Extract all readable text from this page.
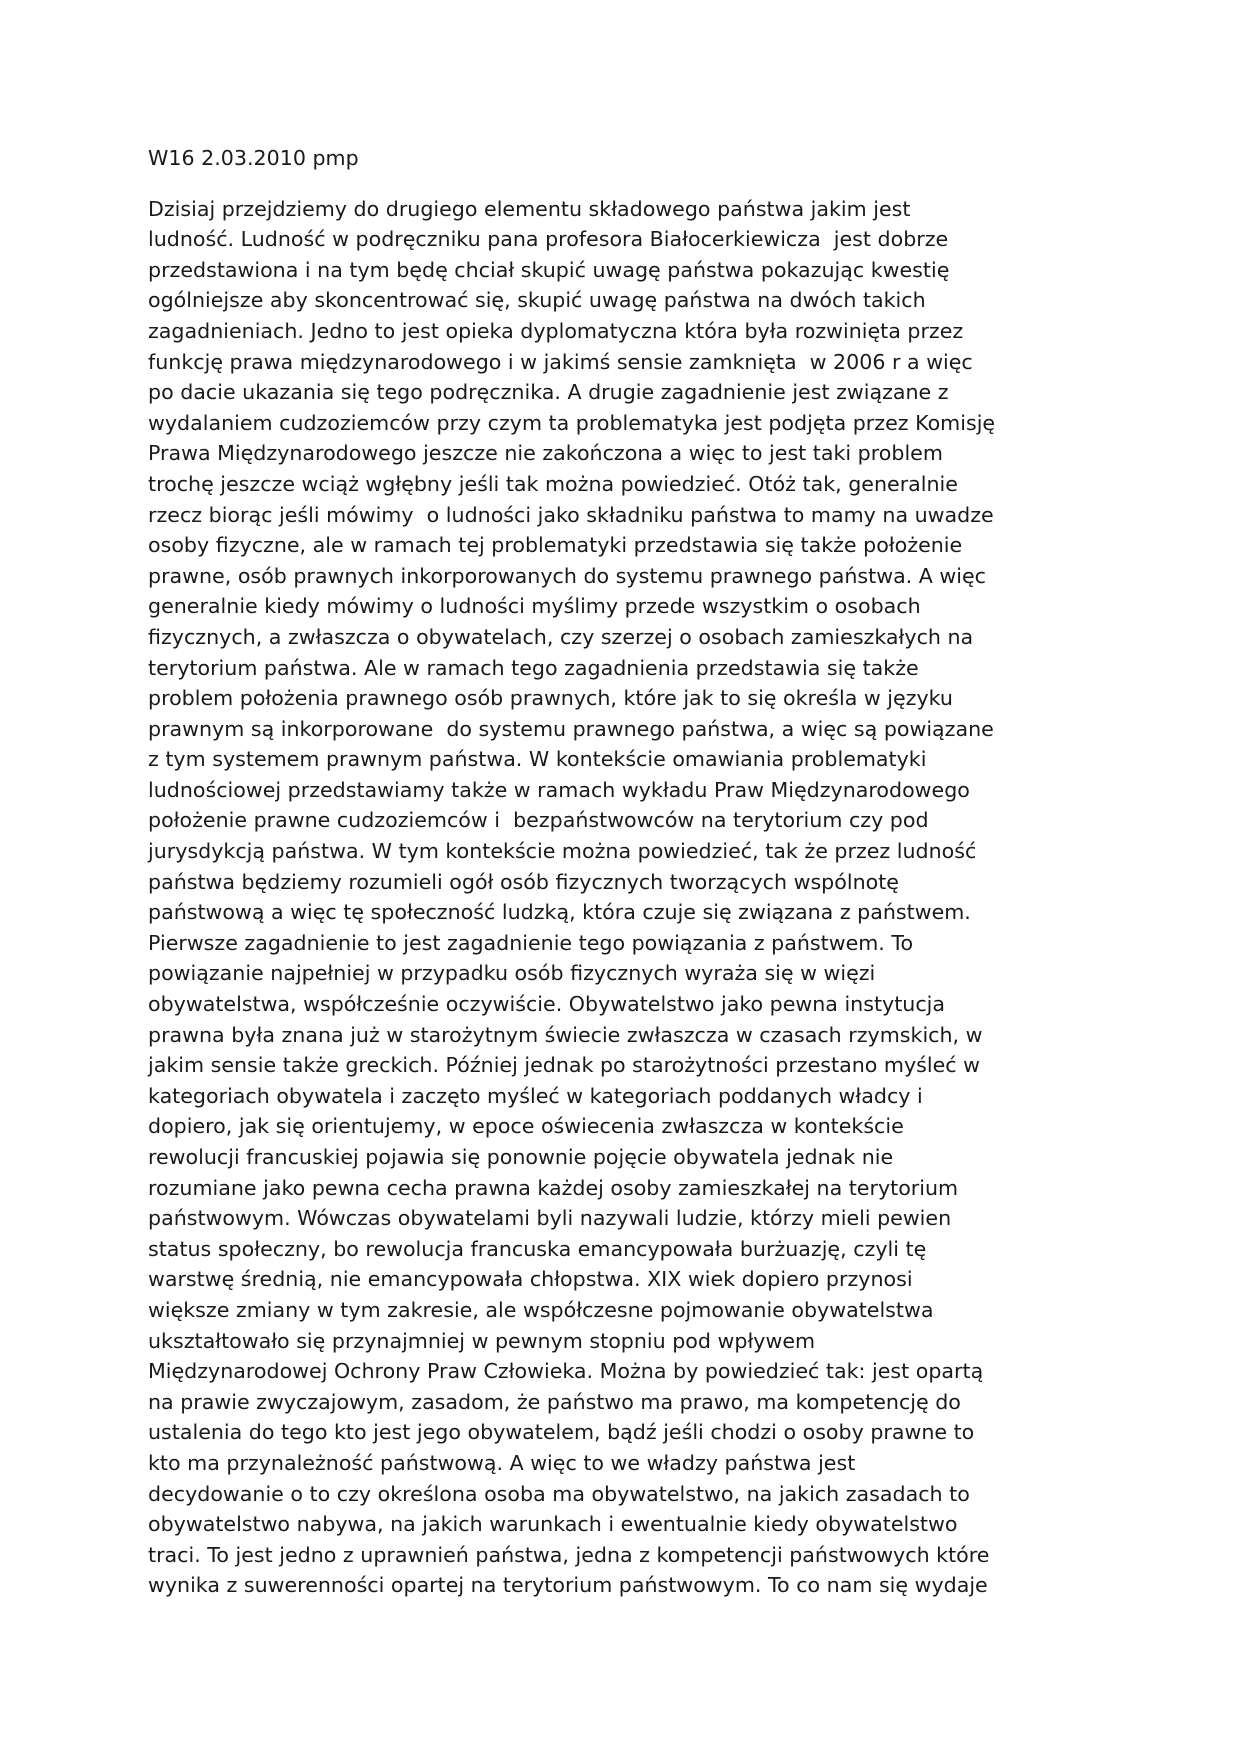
W16 2.03.2010 pmp
Dzisiaj przejdziemy do drugiego elementu składowego państwa jakim jest
ludność. Ludność w podręczniku pana profesora Białocerkiewicza  jest dobrze
przedstawiona i na tym będę chciał skupić uwagę państwa pokazując kwestię
ogólniejsze aby skoncentrować się, skupić uwagę państwa na dwóch takich
zagadnieniach. Jedno to jest opieka dyplomatyczna która była rozwinięta przez
funkcję prawa międzynarodowego i w jakimś sensie zamknięta  w 2006 r a więc
po dacie ukazania się tego podręcznika. A drugie zagadnienie jest związane z
wydalaniem cudzoziemców przy czym ta problematyka jest podjęta przez Komisję
Prawa Międzynarodowego jeszcze nie zakończona a więc to jest taki problem
trochę jeszcze wciąż wgłębny jeśli tak można powiedzieć. Otóż tak, generalnie
rzecz biorąc jeśli mówimy  o ludności jako składniku państwa to mamy na uwadze
osoby fizyczne, ale w ramach tej problematyki przedstawia się także położenie
prawne, osób prawnych inkorporowanych do systemu prawnego państwa. A więc
generalnie kiedy mówimy o ludności myślimy przede wszystkim o osobach
fizycznych, a zwłaszcza o obywatelach, czy szerzej o osobach zamieszkałych na
terytorium państwa. Ale w ramach tego zagadnienia przedstawia się także
problem położenia prawnego osób prawnych, które jak to się określa w języku
prawnym są inkorporowane  do systemu prawnego państwa, a więc są powiązane
z tym systemem prawnym państwa. W kontekście omawiania problematyki
ludnościowej przedstawiamy także w ramach wykładu Praw Międzynarodowego
położenie prawne cudzoziemców i  bezpaństwowców na terytorium czy pod
jurysdykcją państwa. W tym kontekście można powiedzieć, tak że przez ludność
państwa będziemy rozumieli ogół osób fizycznych tworzących wspólnotę
państwową a więc tę społeczność ludzką, która czuje się związana z państwem.
Pierwsze zagadnienie to jest zagadnienie tego powiązania z państwem. To
powiązanie najpełniej w przypadku osób fizycznych wyraża się w więzi
obywatelstwa, współcześnie oczywiście. Obywatelstwo jako pewna instytucja
prawna była znana już w starożytnym świecie zwłaszcza w czasach rzymskich, w
jakim sensie także greckich. Później jednak po starożytności przestano myśleć w
kategoriach obywatela i zaczęto myśleć w kategoriach poddanych władcy i
dopiero, jak się orientujemy, w epoce oświecenia zwłaszcza w kontekście
rewolucji francuskiej pojawia się ponownie pojęcie obywatela jednak nie
rozumiane jako pewna cecha prawna każdej osoby zamieszkałej na terytorium
państwowym. Wówczas obywatelami byli nazywali ludzie, którzy mieli pewien
status społeczny, bo rewolucja francuska emancypowała burżuazję, czyli tę
warstwę średnią, nie emancypowała chłopstwa. XIX wiek dopiero przynosi
większe zmiany w tym zakresie, ale współczesne pojmowanie obywatelstwa
ukształtowało się przynajmniej w pewnym stopniu pod wpływem
Międzynarodowej Ochrony Praw Człowieka. Można by powiedzieć tak: jest opartą
na prawie zwyczajowym, zasadom, że państwo ma prawo, ma kompetencję do
ustalenia do tego kto jest jego obywatelem, bądź jeśli chodzi o osoby prawne to
kto ma przynależność państwową. A więc to we władzy państwa jest
decydowanie o to czy określona osoba ma obywatelstwo, na jakich zasadach to
obywatelstwo nabywa, na jakich warunkach i ewentualnie kiedy obywatelstwo
traci. To jest jedno z uprawnień państwa, jedna z kompetencji państwowych które
wynika z suwerenności opartej na terytorium państwowym. To co nam się wydaje
